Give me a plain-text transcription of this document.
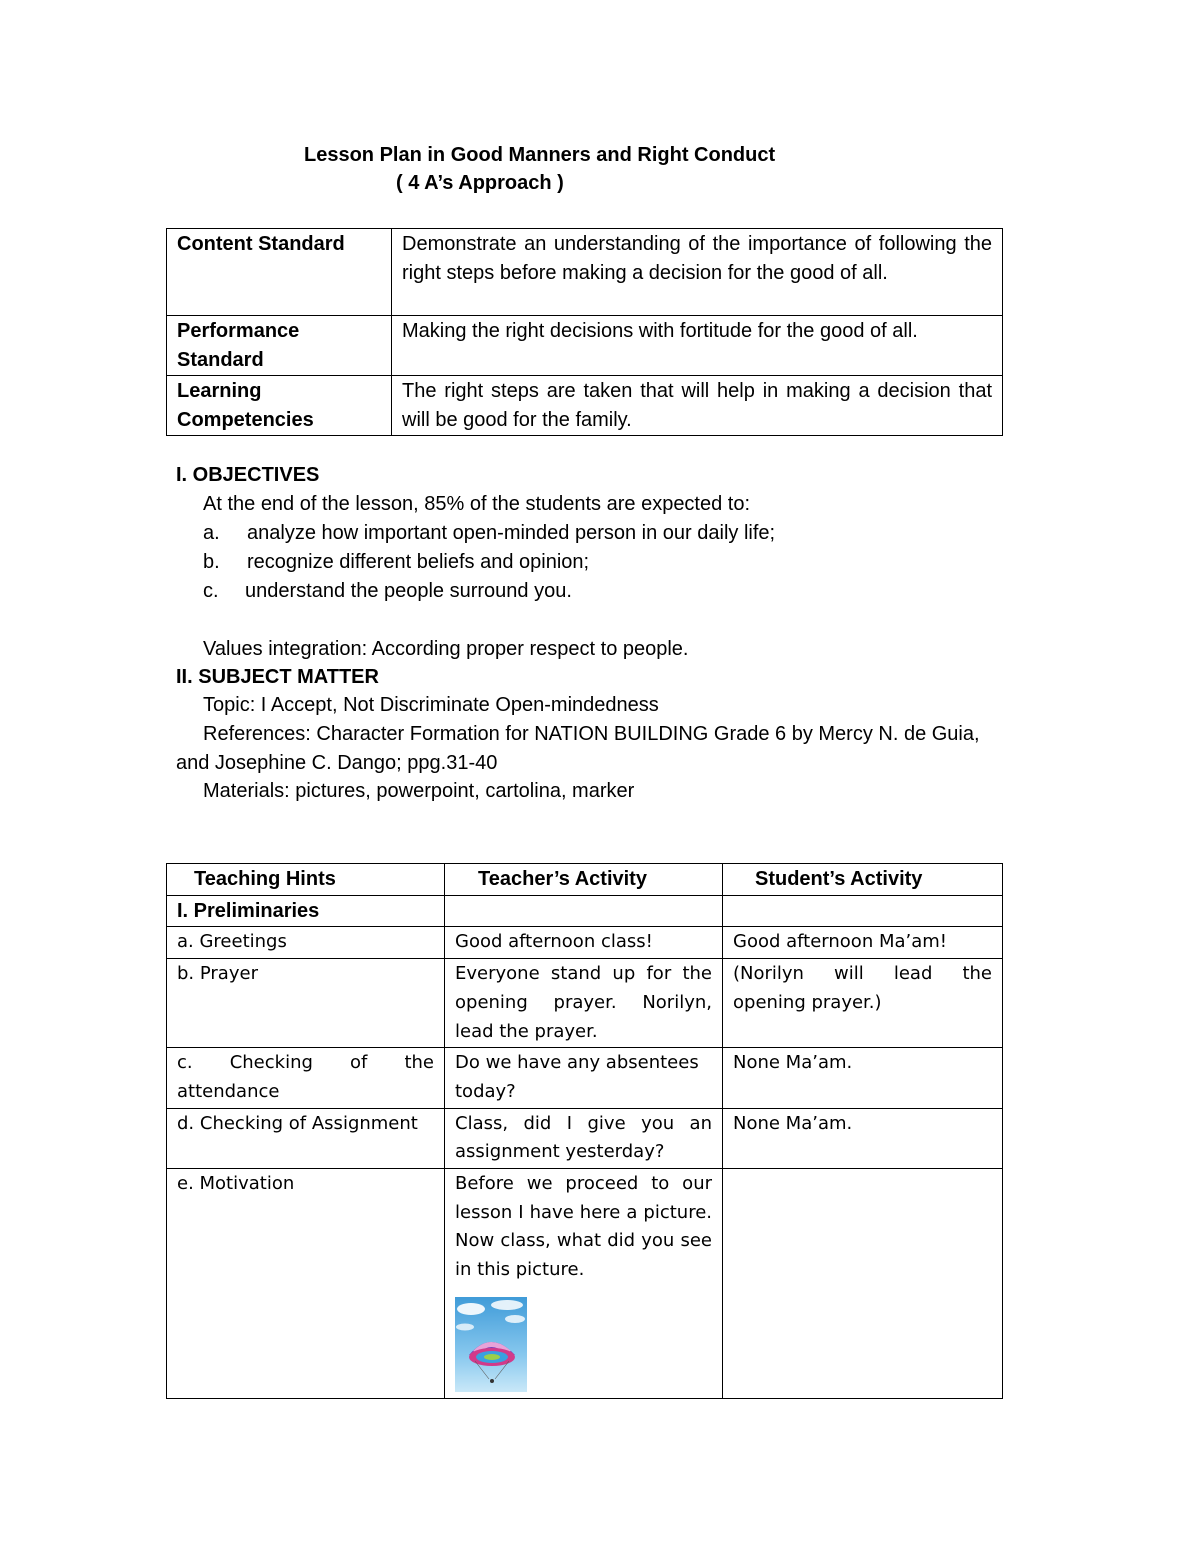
Lesson Plan in Good Manners and Right Conduct
( 4 A’s Approach )
Content Standard	Demonstrate an understanding of the importance of following the right steps before making a decision for the good of all.
Performance Standard	Making the right decisions with fortitude for the good of all.
Learning Competencies	The right steps are taken that will help in making a decision that will be good for the family.
I. OBJECTIVES
At the end of the lesson, 85% of the students are expected to:
a. analyze how important open-minded person in our daily life;
b. recognize different beliefs and opinion;
c. understand the people surround you.
Values integration: According proper respect to people.
II. SUBJECT MATTER
Topic: I Accept, Not Discriminate Open-mindedness
References: Character Formation for NATION BUILDING Grade 6 by Mercy N. de Guia,
and Josephine C. Dango; ppg.31-40
Materials: pictures, powerpoint, cartolina, marker
Teaching Hints	Teacher’s Activity	Student’s Activity
I. Preliminaries		
a. Greetings	Good afternoon class!	Good afternoon Ma’am!
b. Prayer	Everyone stand up for the opening prayer. Norilyn, lead the prayer.	(Norilyn will lead the opening prayer.)
c. Checking of the attendance	Do we have any absentees today?	None Ma’am.
d. Checking of Assignment	Class, did I give you an assignment yesterday?	None Ma’am.
e. Motivation	Before we proceed to our lesson I have here a picture. Now class, what did you see in this picture.	
